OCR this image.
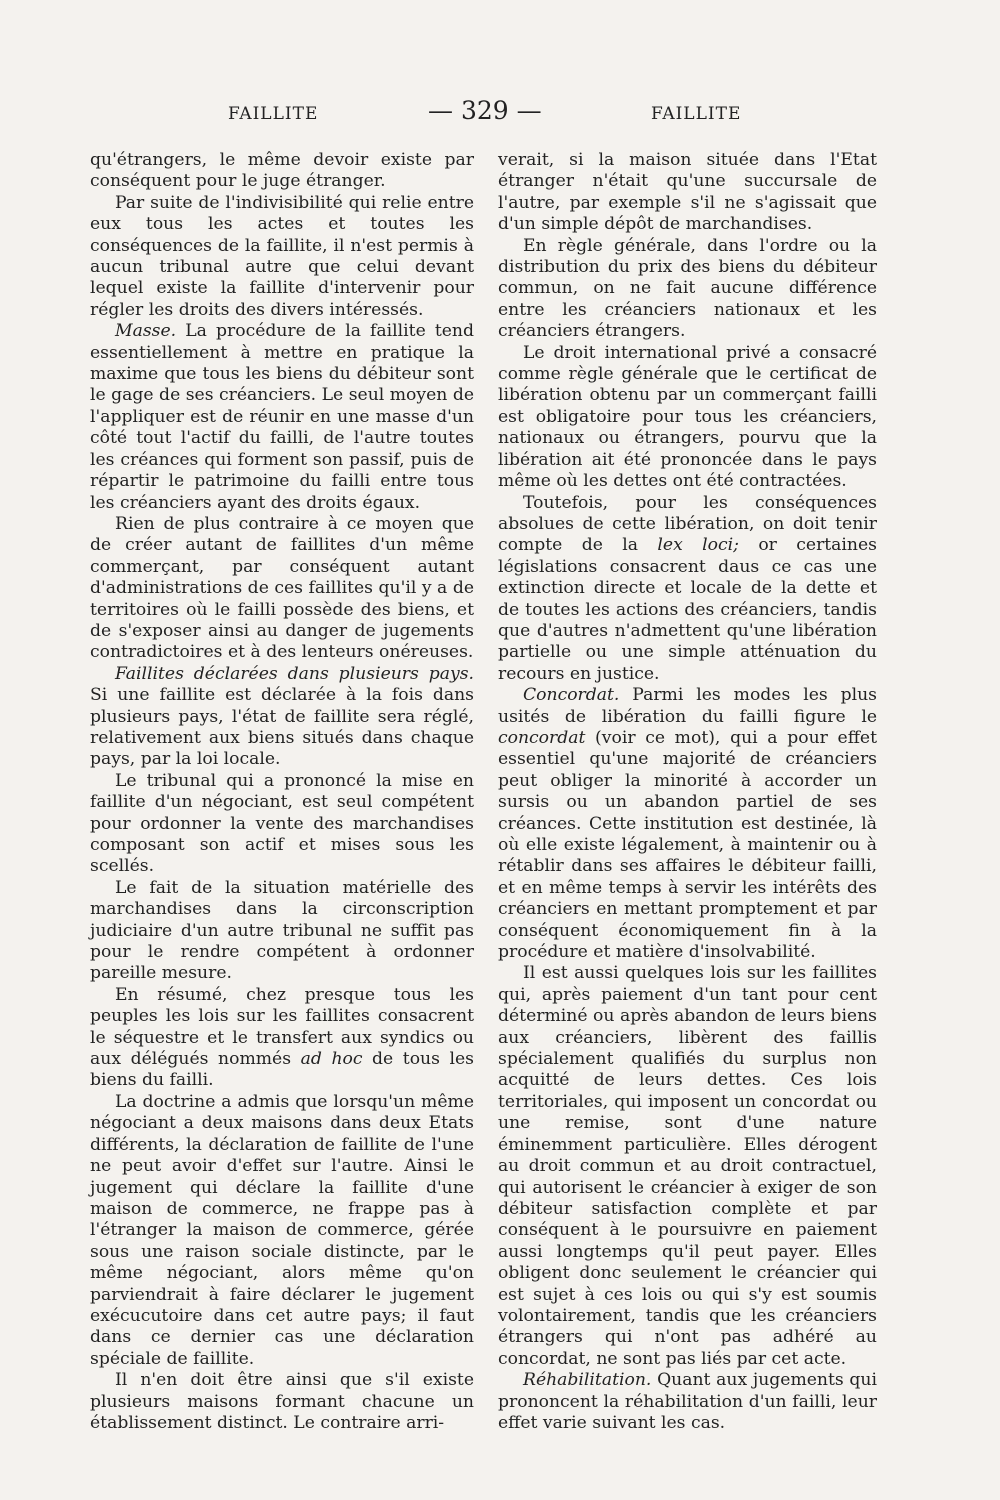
FAILLITE	— 329 —	FAILLITE

qu'étrangers, le même devoir existe par conséquent pour le juge étranger.

Par suite de l'indivisibilité qui relie entre eux tous les actes et toutes les conséquences de la faillite, il n'est permis à aucun tribunal autre que celui devant lequel existe la faillite d'intervenir pour régler les droits des divers intéressés.

Masse. La procédure de la faillite tend essentiellement à mettre en pratique la maxime que tous les biens du débiteur sont le gage de ses créanciers. Le seul moyen de l'appliquer est de réunir en une masse d'un côté tout l'actif du failli, de l'autre toutes les créances qui forment son passif, puis de répartir le patrimoine du failli entre tous les créanciers ayant des droits égaux.

Rien de plus contraire à ce moyen que de créer autant de faillites d'un même commerçant, par conséquent autant d'administrations de ces faillites qu'il y a de territoires où le failli possède des biens, et de s'exposer ainsi au danger de jugements contradictoires et à des lenteurs onéreuses.

Faillites déclarées dans plusieurs pays. Si une faillite est déclarée à la fois dans plusieurs pays, l'état de faillite sera réglé, relativement aux biens situés dans chaque pays, par la loi locale.

Le tribunal qui a prononcé la mise en faillite d'un négociant, est seul compétent pour ordonner la vente des marchandises composant son actif et mises sous les scellés.

Le fait de la situation matérielle des marchandises dans la circonscription judiciaire d'un autre tribunal ne suffit pas pour le rendre compétent à ordonner pareille mesure.

En résumé, chez presque tous les peuples les lois sur les faillites consacrent le séquestre et le transfert aux syndics ou aux délégués nommés ad hoc de tous les biens du failli.

La doctrine a admis que lorsqu'un même négociant a deux maisons dans deux Etats différents, la déclaration de faillite de l'une ne peut avoir d'effet sur l'autre. Ainsi le jugement qui déclare la faillite d'une maison de commerce, ne frappe pas à l'étranger la maison de commerce, gérée sous une raison sociale distincte, par le même négociant, alors même qu'on parviendrait à faire déclarer le jugement exécucutoire dans cet autre pays; il faut dans ce dernier cas une déclaration spéciale de faillite.

Il n'en doit être ainsi que s'il existe plusieurs maisons formant chacune un établissement distinct. Le contraire arri-

verait, si la maison située dans l'Etat étranger n'était qu'une succursale de l'autre, par exemple s'il ne s'agissait que d'un simple dépôt de marchandises.

En règle générale, dans l'ordre ou la distribution du prix des biens du débiteur commun, on ne fait aucune différence entre les créanciers nationaux et les créanciers étrangers.

Le droit international privé a consacré comme règle générale que le certificat de libération obtenu par un commerçant failli est obligatoire pour tous les créanciers, nationaux ou étrangers, pourvu que la libération ait été prononcée dans le pays même où les dettes ont été contractées.

Toutefois, pour les conséquences absolues de cette libération, on doit tenir compte de la lex loci; or certaines législations consacrent daus ce cas une extinction directe et locale de la dette et de toutes les actions des créanciers, tandis que d'autres n'admettent qu'une libération partielle ou une simple atténuation du recours en justice.

Concordat. Parmi les modes les plus usités de libération du failli figure le concordat (voir ce mot), qui a pour effet essentiel qu'une majorité de créanciers peut obliger la minorité à accorder un sursis ou un abandon partiel de ses créances. Cette institution est destinée, là où elle existe légalement, à maintenir ou à rétablir dans ses affaires le débiteur failli, et en même temps à servir les intérêts des créanciers en mettant promptement et par conséquent économiquement fin à la procédure et matière d'insolvabilité.

Il est aussi quelques lois sur les faillites qui, après paiement d'un tant pour cent déterminé ou après abandon de leurs biens aux créanciers, libèrent des faillis spécialement qualifiés du surplus non acquitté de leurs dettes. Ces lois territoriales, qui imposent un concordat ou une remise, sont d'une nature éminemment particulière. Elles dérogent au droit commun et au droit contractuel, qui autorisent le créancier à exiger de son débiteur satisfaction complète et par conséquent à le poursuivre en paiement aussi longtemps qu'il peut payer. Elles obligent donc seulement le créancier qui est sujet à ces lois ou qui s'y est soumis volontairement, tandis que les créanciers étrangers qui n'ont pas adhéré au concordat, ne sont pas liés par cet acte.

Réhabilitation. Quant aux jugements qui prononcent la réhabilitation d'un failli, leur effet varie suivant les cas.
